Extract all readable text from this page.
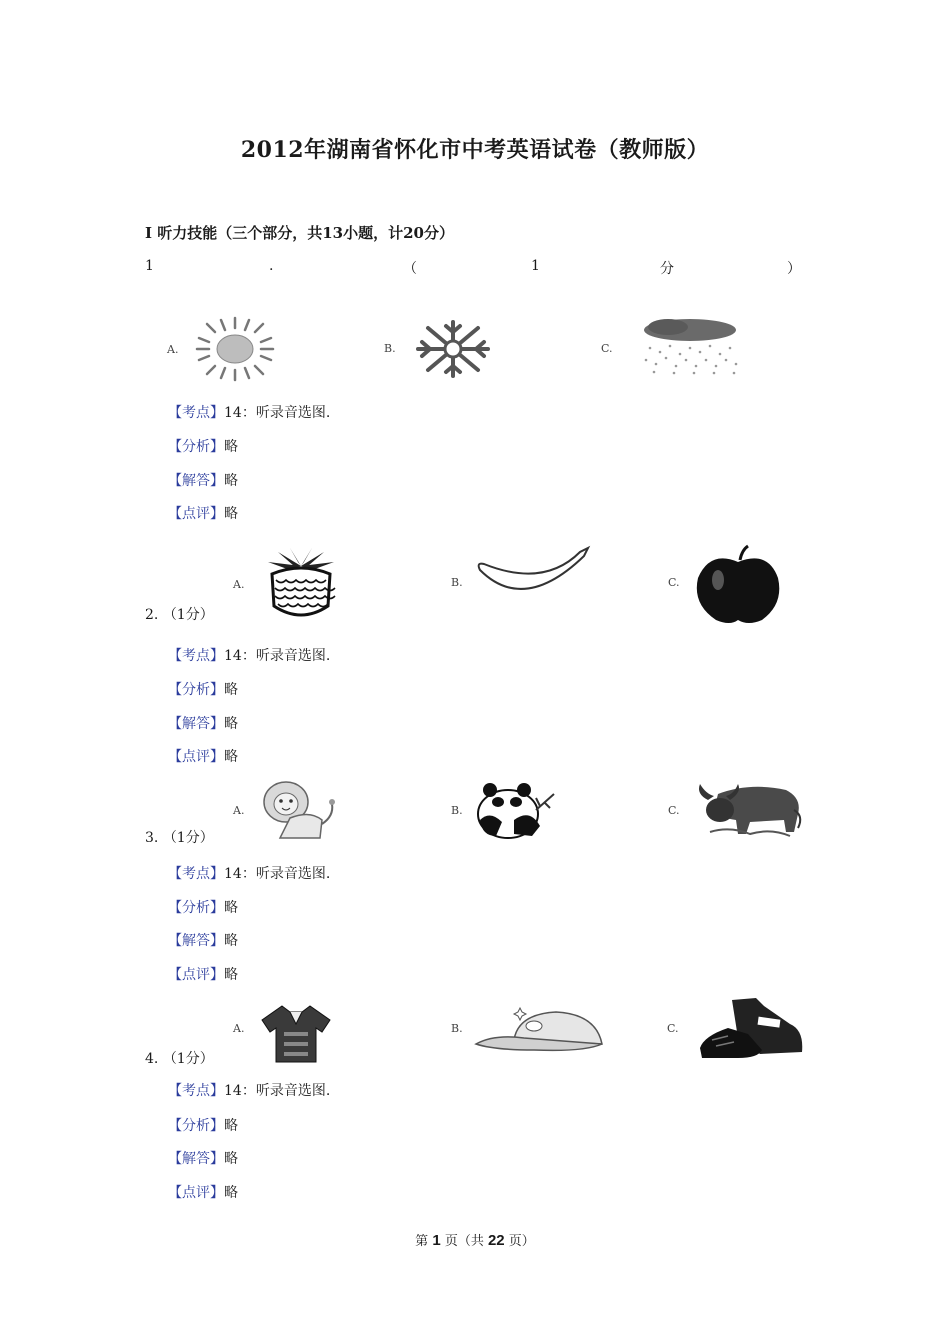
2012年湖南省怀化市中考英语试卷（教师版）
Ⅰ 听力技能（三个部分，共13小题，计20分）
1	.	（	1	分	）
A.	B.	C.
【考点】14：听录音选图.
【分析】略
【解答】略
【点评】略
2. （1分）
A.	B.	C.
【考点】14：听录音选图.
【分析】略
【解答】略
【点评】略
3. （1分）
A.	B.	C.
【考点】14：听录音选图.
【分析】略
【解答】略
【点评】略
4. （1分）
A.	B.	C.
【考点】14：听录音选图.
【分析】略
【解答】略
【点评】略
第 1 页（共 22 页）
